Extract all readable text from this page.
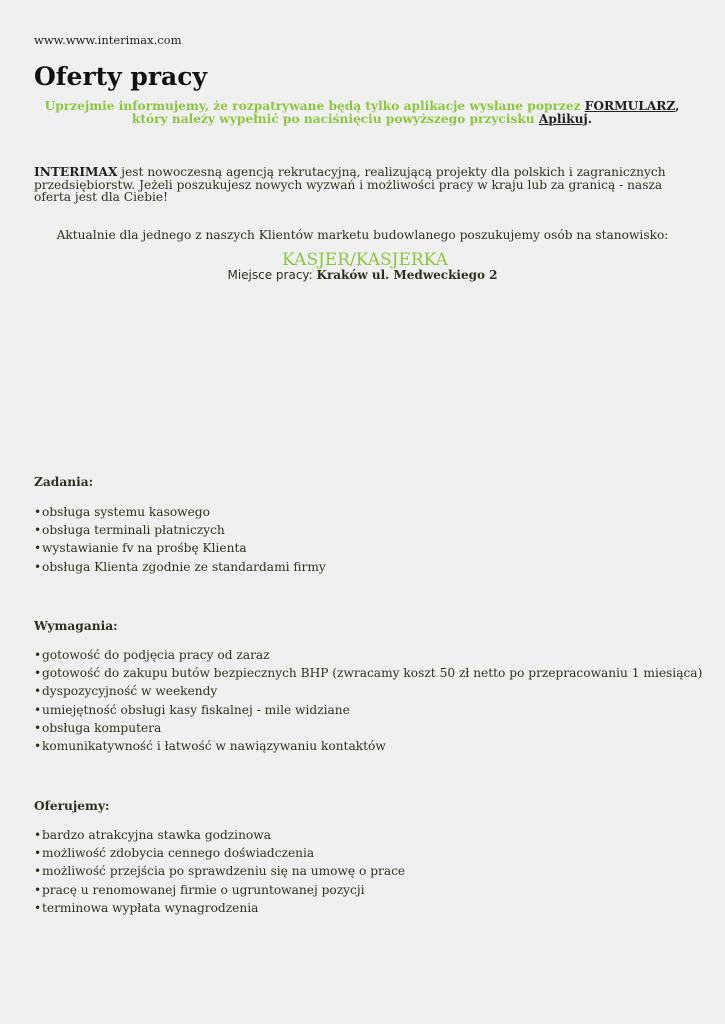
www.www.interimax.com
Oferty pracy
Uprzejmie informujemy, że rozpatrywane będą tylko aplikacje wysłane poprzez FORMULARZ, który należy wypełnić po naciśnięciu powyższego przycisku Aplikuj.
INTERIMAX jest nowoczesną agencją rekrutacyjną, realizującą projekty dla polskich i zagranicznych przedsiębiorstw. Jeżeli poszukujesz nowych wyzwań i możliwości pracy w kraju lub za granicą - nasza oferta jest dla Ciebie!
Aktualnie dla jednego z naszych Klientów marketu budowlanego poszukujemy osób na stanowisko:
KASJER/KASJERKA
Miejsce pracy: Kraków ul. Medweckiego 2
Zadania:
•obsługa systemu kasowego
•obsługa terminali płatniczych
•wystawianie fv na prośbę Klienta
•obsługa Klienta zgodnie ze standardami firmy
Wymagania:
•gotowość do podjęcia pracy od zaraz
•gotowość do zakupu butów bezpiecznych BHP (zwracamy koszt 50 zł netto po przepracowaniu 1 miesiąca)
•dyspozycyjność w weekendy
•umiejętność obsługi kasy fiskalnej - mile widziane
•obsługa komputera
•komunikatywność i łatwość w nawiązywaniu kontaktów
Oferujemy:
•bardzo atrakcyjna stawka godzinowa
•możliwość zdobycia cennego doświadczenia
•możliwość przejścia po sprawdzeniu się na umowę o prace
•pracę u renomowanej firmie o ugruntowanej pozycji
•terminowa wypłata wynagrodzenia
